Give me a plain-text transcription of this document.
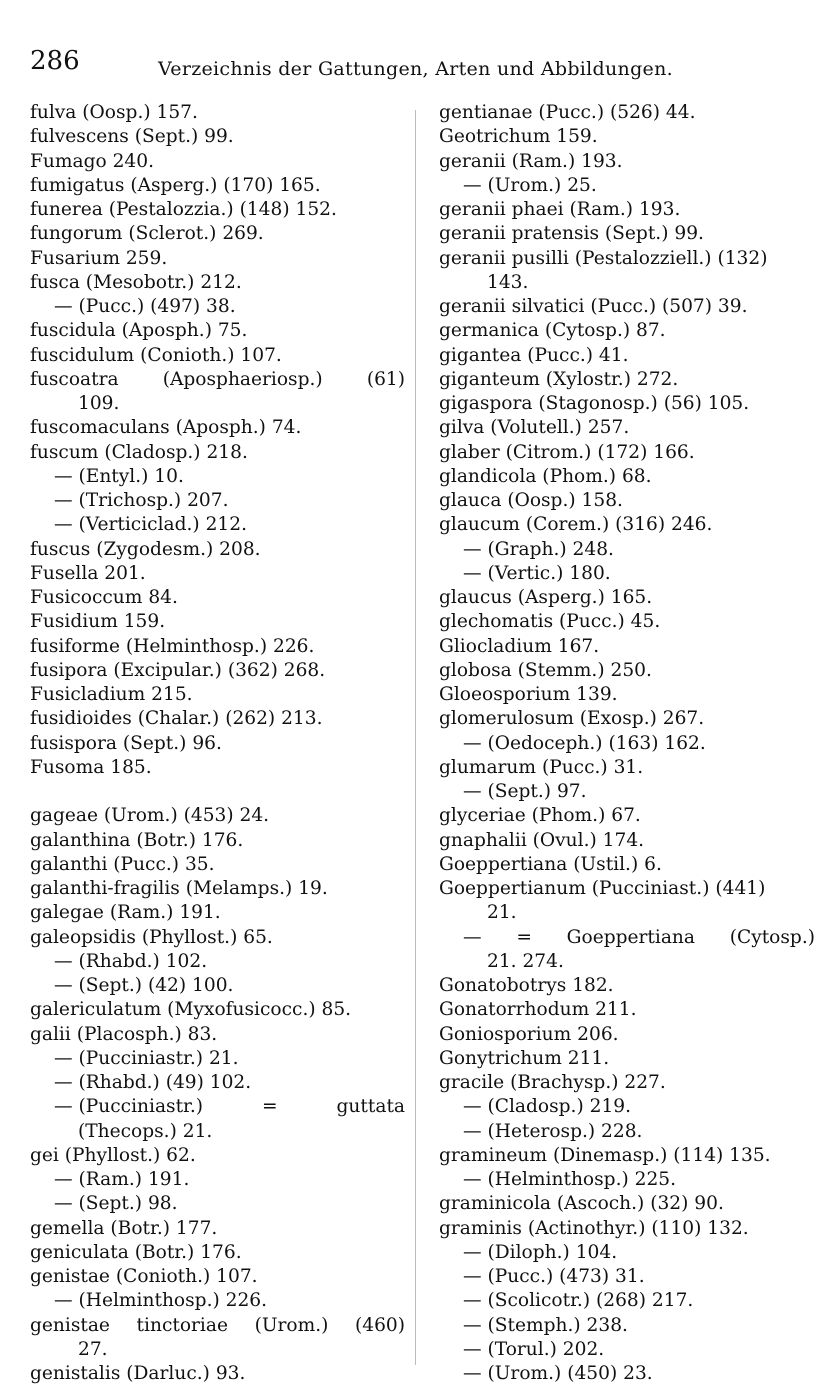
286	Verzeichnis der Gattungen, Arten und Abbildungen.
fulva (Oosp.) 157.
fulvescens (Sept.) 99.
Fumago 240.
fumigatus (Asperg.) (170) 165.
funerea (Pestalozzia.) (148) 152.
fungorum (Sclerot.) 269.
Fusarium 259.
fusca (Mesobotr.) 212.
— (Pucc.) (497) 38.
fuscidula (Aposph.) 75.
fuscidulum (Conioth.) 107.
fuscoatra (Aposphaeriosp.) (61)
109.
fuscomaculans (Aposph.) 74.
fuscum (Cladosp.) 218.
— (Entyl.) 10.
— (Trichosp.) 207.
— (Verticiclad.) 212.
fuscus (Zygodesm.) 208.
Fusella 201.
Fusicoccum 84.
Fusidium 159.
fusiforme (Helminthosp.) 226.
fusipora (Excipular.) (362) 268.
Fusicladium 215.
fusidioides (Chalar.) (262) 213.
fusispora (Sept.) 96.
Fusoma 185.
gageae (Urom.) (453) 24.
galanthina (Botr.) 176.
galanthi (Pucc.) 35.
galanthi-fragilis (Melamps.) 19.
galegae (Ram.) 191.
galeopsidis (Phyllost.) 65.
— (Rhabd.) 102.
— (Sept.) (42) 100.
galericulatum (Myxofusicocc.) 85.
galii (Placosph.) 83.
— (Pucciniastr.) 21.
— (Rhabd.) (49) 102.
— (Pucciniastr.)	=	guttata
(Thecops.) 21.
gei (Phyllost.) 62.
— (Ram.) 191.
— (Sept.) 98.
gemella (Botr.) 177.
geniculata (Botr.) 176.
genistae (Conioth.) 107.
— (Helminthosp.) 226.
genistae tinctoriae (Urom.) (460)
27.
genistalis (Darluc.) 93.
gentianae (Pucc.) (526) 44.
Geotrichum 159.
geranii (Ram.) 193.
— (Urom.) 25.
geranii phaei (Ram.) 193.
geranii pratensis (Sept.) 99.
geranii pusilli (Pestalozziell.) (132)
143.
geranii silvatici (Pucc.) (507) 39.
germanica (Cytosp.) 87.
gigantea (Pucc.) 41.
giganteum (Xylostr.) 272.
gigaspora (Stagonosp.) (56) 105.
gilva (Volutell.) 257.
glaber (Citrom.) (172) 166.
glandicola (Phom.) 68.
glauca (Oosp.) 158.
glaucum (Corem.) (316) 246.
— (Graph.) 248.
— (Vertic.) 180.
glaucus (Asperg.) 165.
glechomatis (Pucc.) 45.
Gliocladium 167.
globosa (Stemm.) 250.
Gloeosporium 139.
glomerulosum (Exosp.) 267.
— (Oedoceph.) (163) 162.
glumarum (Pucc.) 31.
— (Sept.) 97.
glyceriae (Phom.) 67.
gnaphalii (Ovul.) 174.
Goeppertiana (Ustil.) 6.
Goeppertianum (Pucciniast.) (441)
21.
— = Goeppertiana (Cytosp.)
21. 274.
Gonatobotrys 182.
Gonatorrhodum 211.
Goniosporium 206.
Gonytrichum 211.
gracile (Brachysp.) 227.
— (Cladosp.) 219.
— (Heterosp.) 228.
gramineum (Dinemasp.) (114) 135.
— (Helminthosp.) 225.
graminicola (Ascoch.) (32) 90.
graminis (Actinothyr.) (110) 132.
— (Diloph.) 104.
— (Pucc.) (473) 31.
— (Scolicotr.) (268) 217.
— (Stemph.) 238.
— (Torul.) 202.
— (Urom.) (450) 23.
